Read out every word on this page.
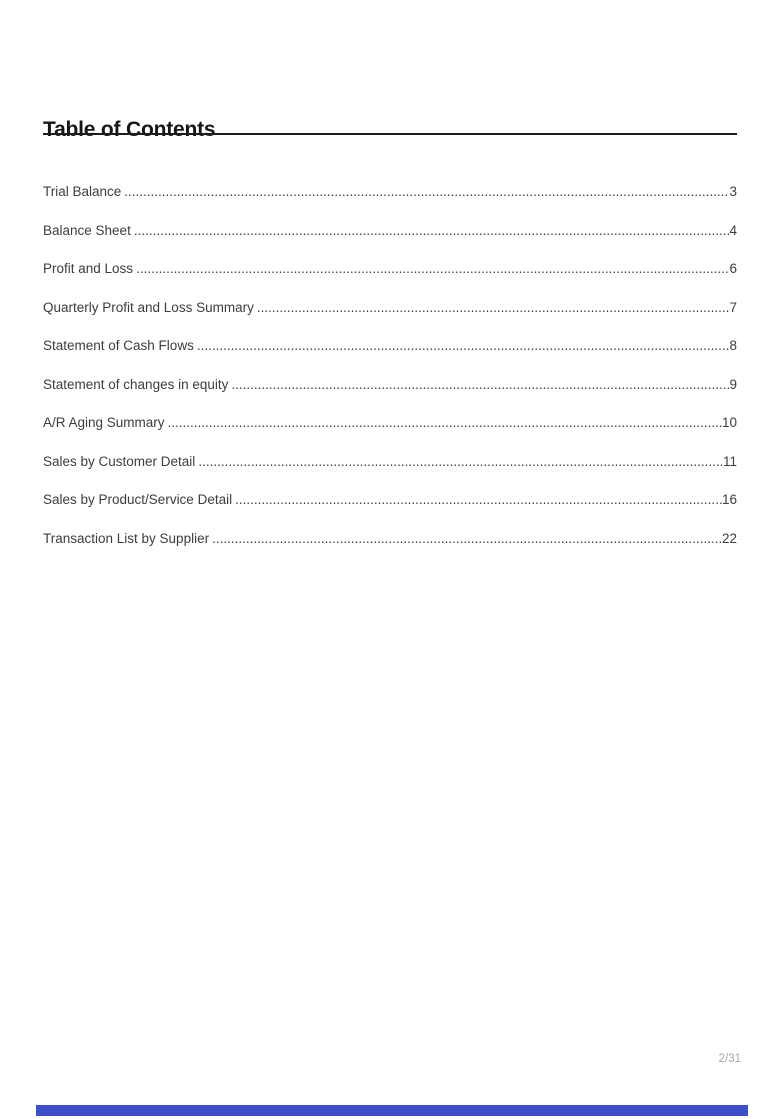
Table of Contents
Trial Balance .....	3
Balance Sheet .....	4
Profit and Loss .....	6
Quarterly Profit and Loss Summary .....	7
Statement of Cash Flows .....	8
Statement of changes in equity .....	9
A/R Aging Summary .....	10
Sales by Customer Detail .....	11
Sales by Product/Service Detail .....	16
Transaction List by Supplier .....	22
2/31
